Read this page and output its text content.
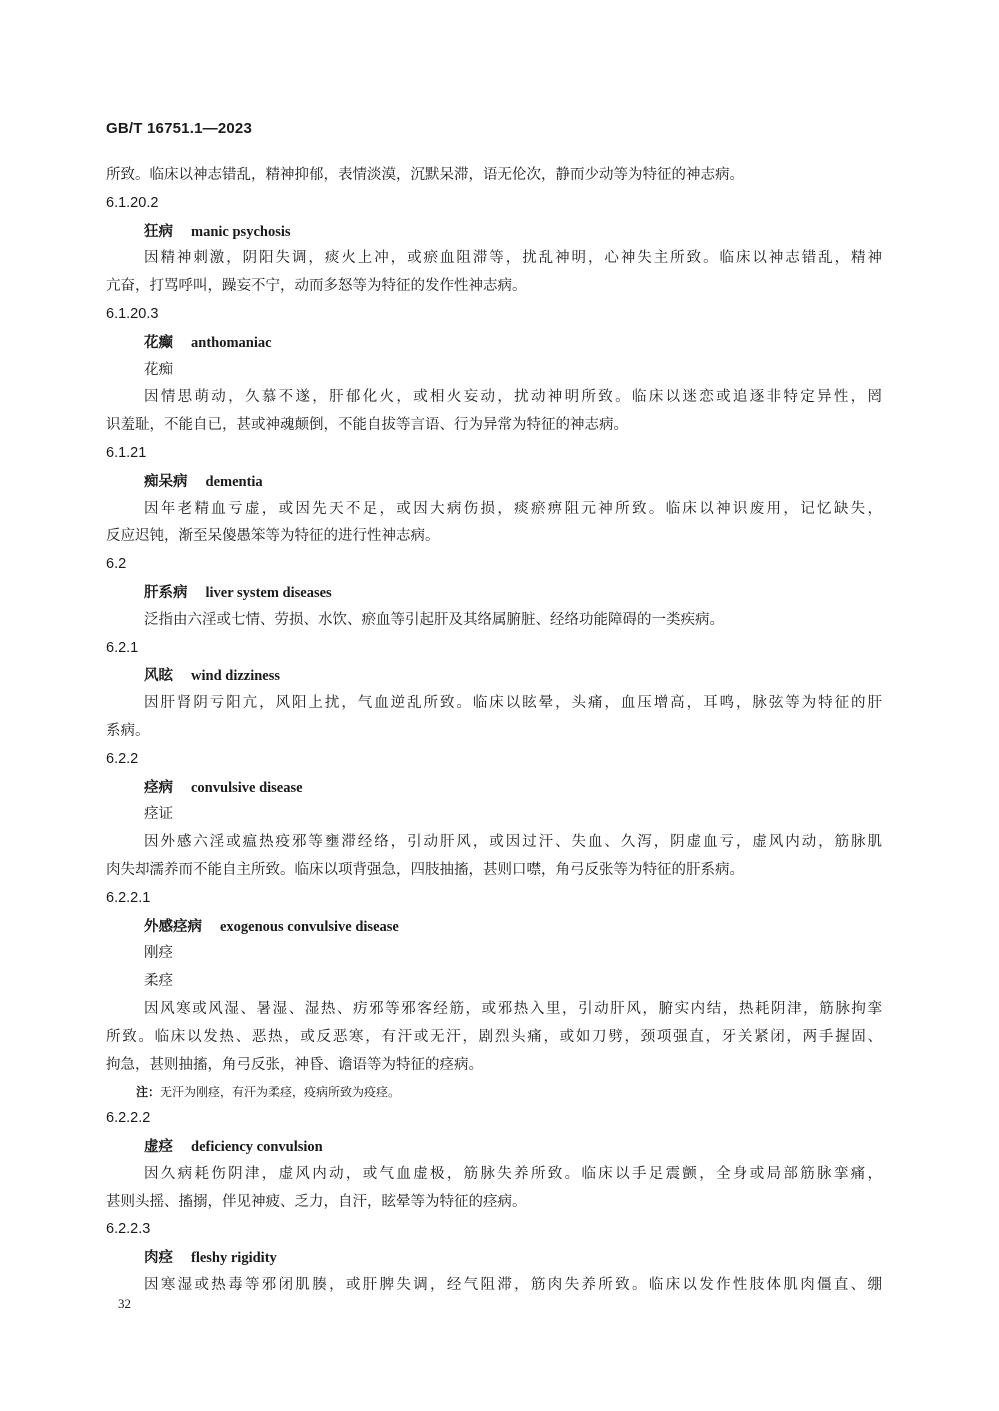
GB/T 16751.1—2023
所致。临床以神志错乱，精神抑郁，表情淡漠，沉默呆滞，语无伦次，静而少动等为特征的神志病。
6.1.20.2
狂病 manic psychosis
因精神刺激，阴阳失调，痰火上冲，或瘀血阻滞等，扰乱神明，心神失主所致。临床以神志错乱，精神
亢奋，打骂呼叫，躁妄不宁，动而多怒等为特征的发作性神志病。
6.1.20.3
花癫 anthomaniac
花痴
因情思萌动，久慕不遂，肝郁化火，或相火妄动，扰动神明所致。临床以迷恋或追逐非特定异性，罔
识羞耻，不能自已，甚或神魂颠倒，不能自拔等言语、行为异常为特征的神志病。
6.1.21
痴呆病 dementia
因年老精血亏虚，或因先天不足，或因大病伤损，痰瘀痹阻元神所致。临床以神识废用，记忆缺失，
反应迟钝，渐至呆傻愚笨等为特征的进行性神志病。
6.2
肝系病 liver system diseases
泛指由六淫或七情、劳损、水饮、瘀血等引起肝及其络属腑脏、经络功能障碍的一类疾病。
6.2.1
风眩 wind dizziness
因肝肾阴亏阳亢，风阳上扰，气血逆乱所致。临床以眩晕，头痛，血压增高，耳鸣，脉弦等为特征的肝
系病。
6.2.2
痉病 convulsive disease
痉证
因外感六淫或瘟热疫邪等壅滞经络，引动肝风，或因过汗、失血、久泻，阴虚血亏，虚风内动，筋脉肌
肉失却濡养而不能自主所致。临床以项背强急，四肢抽搐，甚则口噤，角弓反张等为特征的肝系病。
6.2.2.1
外感痉病 exogenous convulsive disease
刚痉
柔痉
因风寒或风湿、暑湿、湿热、疠邪等邪客经筋，或邪热入里，引动肝风，腑实内结，热耗阴津，筋脉拘挛
所致。临床以发热、恶热，或反恶寒，有汗或无汗，剧烈头痛，或如刀劈，颈项强直，牙关紧闭，两手握固、
拘急，甚则抽搐，角弓反张，神昏、谵语等为特征的痉病。
注：无汗为刚痉，有汗为柔痉，疫病所致为疫痉。
6.2.2.2
虚痉 deficiency convulsion
因久病耗伤阴津，虚风内动，或气血虚极，筋脉失养所致。临床以手足震颤，全身或局部筋脉挛痛，
甚则头摇、搐搦，伴见神疲、乏力，自汗，眩晕等为特征的痉病。
6.2.2.3
肉痉 fleshy rigidity
因寒湿或热毒等邪闭肌腠，或肝脾失调，经气阻滞，筋肉失养所致。临床以发作性肢体肌肉僵直、绷
32
